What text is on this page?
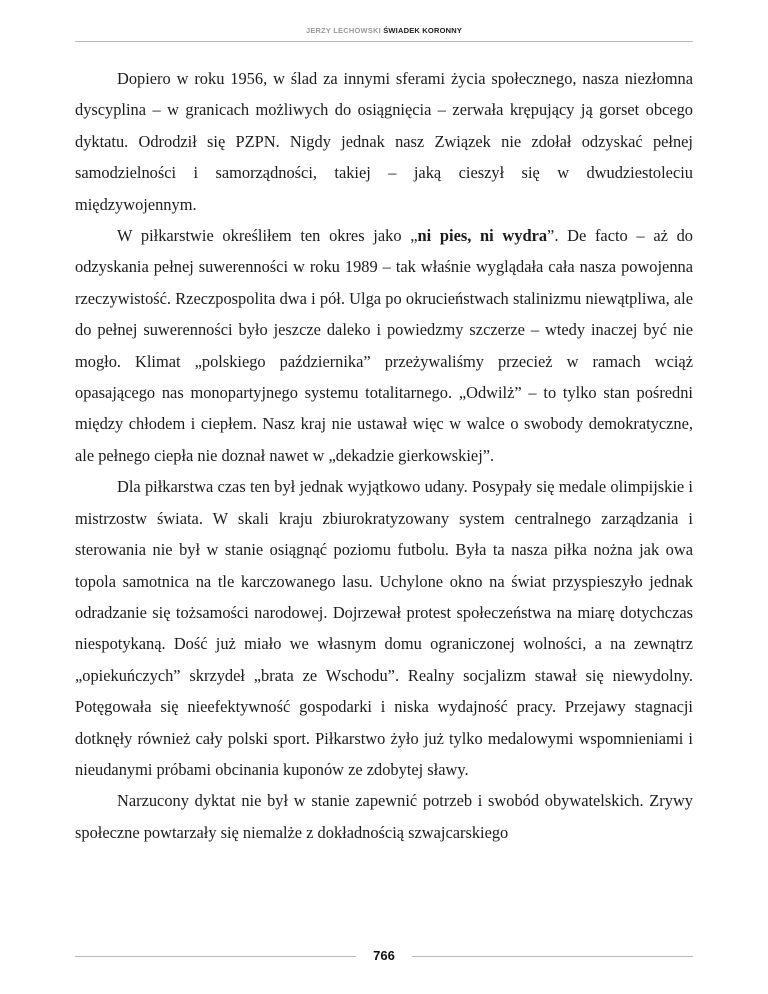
JERZY LECHOWSKI ŚWIADEK KORONNY

Dopiero w roku 1956, w ślad za innymi sferami życia społecznego, nasza niezłomna dyscyplina – w granicach możliwych do osiągnięcia – zerwała krępujący ją gorset obcego dyktatu. Odrodził się PZPN. Nigdy jednak nasz Związek nie zdołał odzyskać pełnej samodzielności i samorządności, takiej – jaką cieszył się w dwudziestoleciu międzywojennym.

W piłkarstwie określiłem ten okres jako „ni pies, ni wydra”. De facto – aż do odzyskania pełnej suwerenności w roku 1989 – tak właśnie wyglądała cała nasza powojenna rzeczywistość. Rzeczpospolita dwa i pół. Ulga po okrucieństwach stalinizmu niewątpliwa, ale do pełnej suwerenności było jeszcze daleko i powiedzmy szczerze – wtedy inaczej być nie mogło. Klimat „polskiego października” przeżywaliśmy przecież w ramach wciąż opasającego nas monopartyjnego systemu totalitarnego. „Odwilż” – to tylko stan pośredni między chłodem i ciepłem. Nasz kraj nie ustawał więc w walce o swobody demokratyczne, ale pełnego ciepła nie doznał nawet w „dekadzie gierkowskiej”.

Dla piłkarstwa czas ten był jednak wyjątkowo udany. Posypały się medale olimpijskie i mistrzostw świata. W skali kraju zbiurokratyzowany system centralnego zarządzania i sterowania nie był w stanie osiągnąć poziomu futbolu. Była ta nasza piłka nożna jak owa topola samotnica na tle karczowanego lasu. Uchylone okno na świat przyspieszyło jednak odradzanie się tożsamości narodowej. Dojrzewał protest społeczeństwa na miarę dotychczas niespotykaną. Dość już miało we własnym domu ograniczonej wolności, a na zewnątrz „opiekuńczych” skrzydeł „brata ze Wschodu”. Realny socjalizm stawał się niewydolny. Potęgowała się nieefektywność gospodarki i niska wydajność pracy. Przejawy stagnacji dotknęły również cały polski sport. Piłkarstwo żyło już tylko medalowymi wspomnieniami i nieudanymi próbami obcinania kuponów ze zdobytej sławy.

Narzucony dyktat nie był w stanie zapewnić potrzeb i swobód obywatelskich. Zrywy społeczne powtarzały się niemalże z dokładnością szwajcarskiego

766
